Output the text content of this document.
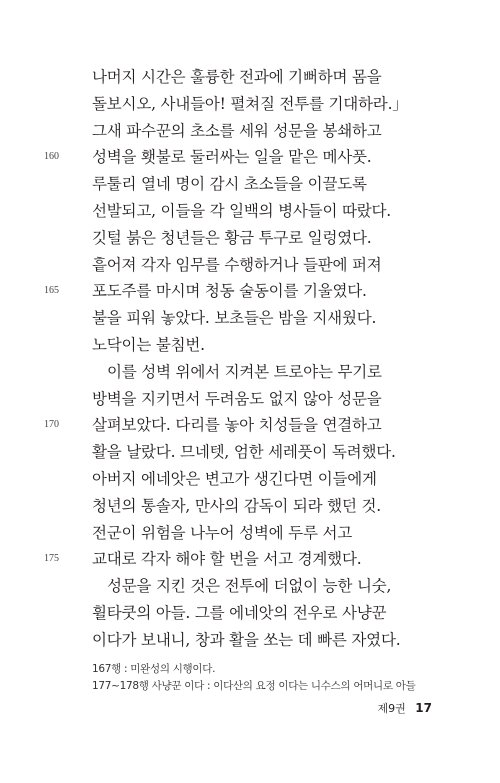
나머지 시간은 훌륭한 전과에 기뻐하며 몸을
돌보시오, 사내들아! 펼쳐질 전투를 기대하라.」
그새 파수꾼의 초소를 세워 성문을 봉쇄하고
성벽을 횃불로 둘러싸는 일을 맡은 메사풋.
루툴리 열네 명이 감시 초소들을 이끌도록
선발되고, 이들을 각 일백의 병사들이 따랐다.
깃털 붉은 청년들은 황금 투구로 일렁였다.
흩어져 각자 임무를 수행하거나 들판에 퍼져
포도주를 마시며 청동 술동이를 기울였다.
불을 피워 놓았다. 보초들은 밤을 지새웠다.
노닥이는 불침번.
이를 성벽 위에서 지켜본 트로야는 무기로
방벽을 지키면서 두려움도 없지 않아 성문을
살펴보았다. 다리를 놓아 치성들을 연결하고
활을 날랐다. 므네텟, 엄한 세레풋이 독려했다.
아버지 에네앗은 변고가 생긴다면 이들에게
청년의 통솔자, 만사의 감독이 되라 했던 것.
전군이 위험을 나누어 성벽에 두루 서고
교대로 각자 해야 할 번을 서고 경계했다.
성문을 지킨 것은 전투에 더없이 능한 니숫,
휠타쿳의 아들. 그를 에네앗의 전우로 사냥꾼
이다가 보내니, 창과 활을 쏘는 데 빠른 자였다.
160
165
170
175
167행 : 미완성의 시행이다.
177~178행 사냥꾼 이다 : 이다산의 요정 이다는 니수스의 어머니로 아들
제9권 17
